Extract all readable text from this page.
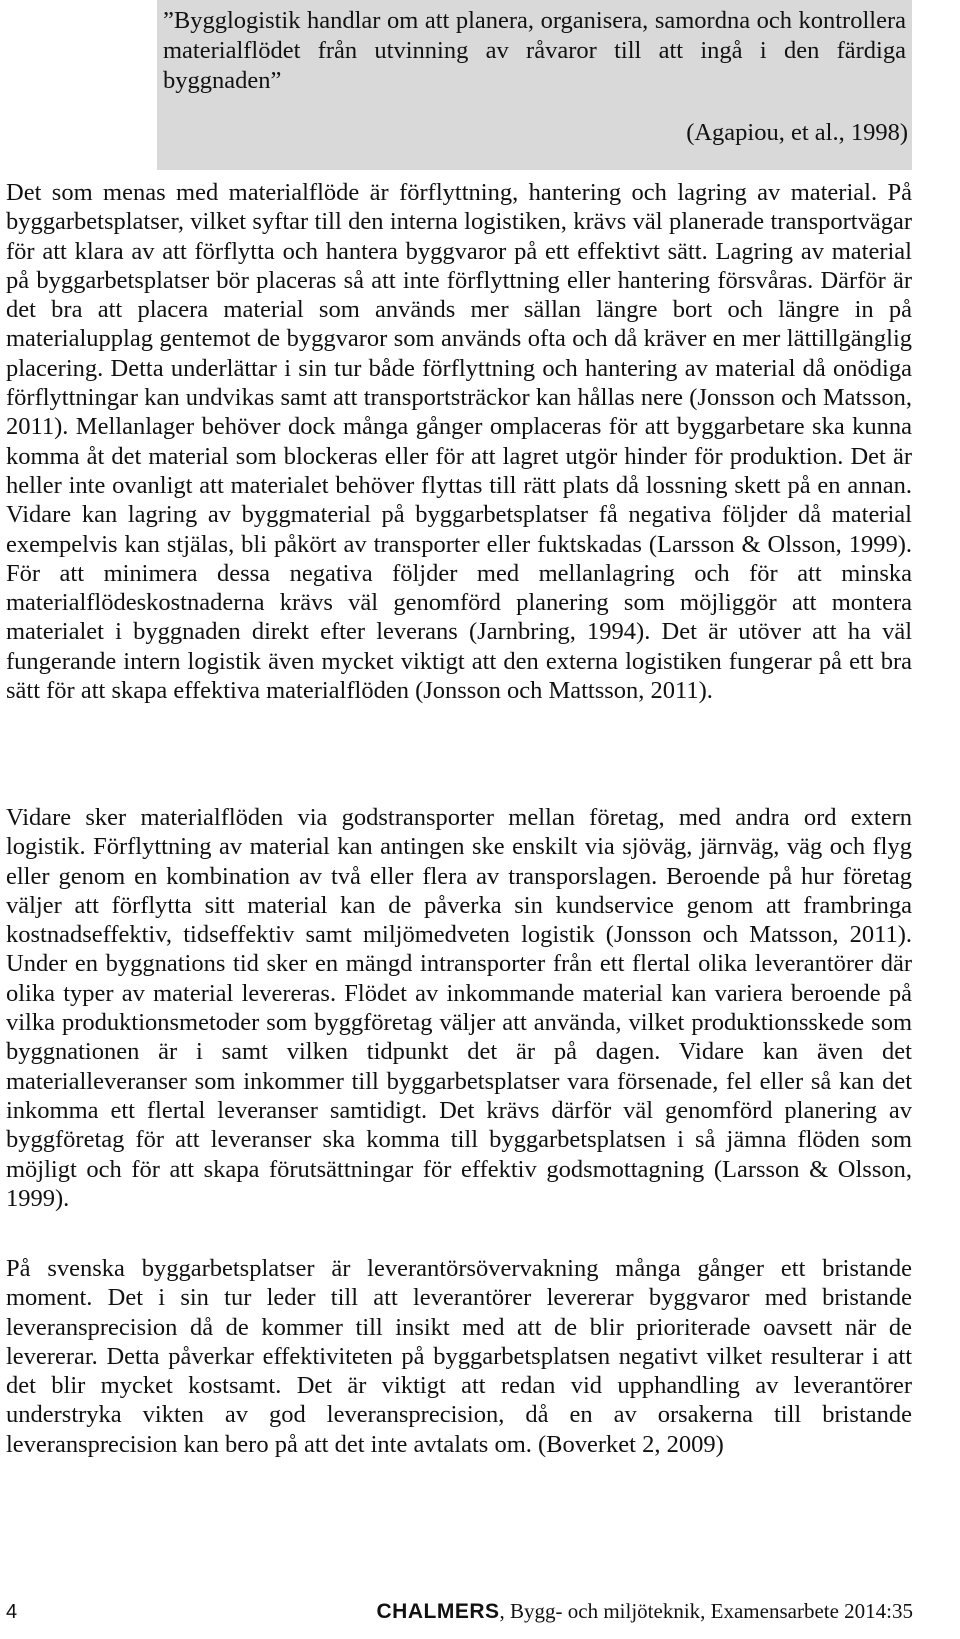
”Bygglogistik handlar om att planera, organisera, samordna och kontrollera materialflödet från utvinning av råvaror till att ingå i den färdiga byggnaden”

(Agapiou, et al., 1998)

Det som menas med materialflöde är förflyttning, hantering och lagring av material. På byggarbetsplatser, vilket syftar till den interna logistiken, krävs väl planerade transportvägar för att klara av att förflytta och hantera byggvaror på ett effektivt sätt. Lagring av material på byggarbetsplatser bör placeras så att inte förflyttning eller hantering försvåras. Därför är det bra att placera material som används mer sällan längre bort och längre in på materialupplag gentemot de byggvaror som används ofta och då kräver en mer lättillgänglig placering. Detta underlättar i sin tur både förflyttning och hantering av material då onödiga förflyttningar kan undvikas samt att transportsträckor kan hållas nere (Jonsson och Matsson, 2011). Mellanlager behöver dock många gånger omplaceras för att byggarbetare ska kunna komma åt det material som blockeras eller för att lagret utgör hinder för produktion. Det är heller inte ovanligt att materialet behöver flyttas till rätt plats då lossning skett på en annan. Vidare kan lagring av byggmaterial på byggarbetsplatser få negativa följder då material exempelvis kan stjälas, bli påkört av transporter eller fuktskadas (Larsson & Olsson, 1999). För att minimera dessa negativa följder med mellanlagring och för att minska materialflödeskostnaderna krävs väl genomförd planering som möjliggör att montera materialet i byggnaden direkt efter leverans (Jarnbring, 1994). Det är utöver att ha väl fungerande intern logistik även mycket viktigt att den externa logistiken fungerar på ett bra sätt för att skapa effektiva materialflöden (Jonsson och Mattsson, 2011).

Vidare sker materialflöden via godstransporter mellan företag, med andra ord extern logistik. Förflyttning av material kan antingen ske enskilt via sjöväg, järnväg, väg och flyg eller genom en kombination av två eller flera av transporslagen. Beroende på hur företag väljer att förflytta sitt material kan de påverka sin kundservice genom att frambringa kostnadseffektiv, tidseffektiv samt miljömedveten logistik (Jonsson och Matsson, 2011). Under en byggnations tid sker en mängd intransporter från ett flertal olika leverantörer där olika typer av material levereras. Flödet av inkommande material kan variera beroende på vilka produktionsmetoder som byggföretag väljer att använda, vilket produktionsskede som byggnationen är i samt vilken tidpunkt det är på dagen. Vidare kan även det materialleveranser som inkommer till byggarbetsplatser vara försenade, fel eller så kan det inkomma ett flertal leveranser samtidigt. Det krävs därför väl genomförd planering av byggföretag för att leveranser ska komma till byggarbetsplatsen i så jämna flöden som möjligt och för att skapa förutsättningar för effektiv godsmottagning (Larsson & Olsson, 1999).

På svenska byggarbetsplatser är leverantörsövervakning många gånger ett bristande moment. Det i sin tur leder till att leverantörer levererar byggvaror med bristande leveransprecision då de kommer till insikt med att de blir prioriterade oavsett när de levererar. Detta påverkar effektiviteten på byggarbetsplatsen negativt vilket resulterar i att det blir mycket kostsamt. Det är viktigt att redan vid upphandling av leverantörer understryka vikten av god leveransprecision, då en av orsakerna till bristande leveransprecision kan bero på att det inte avtalats om. (Boverket 2, 2009)

4	CHALMERS, Bygg- och miljöteknik, Examensarbete 2014:35
